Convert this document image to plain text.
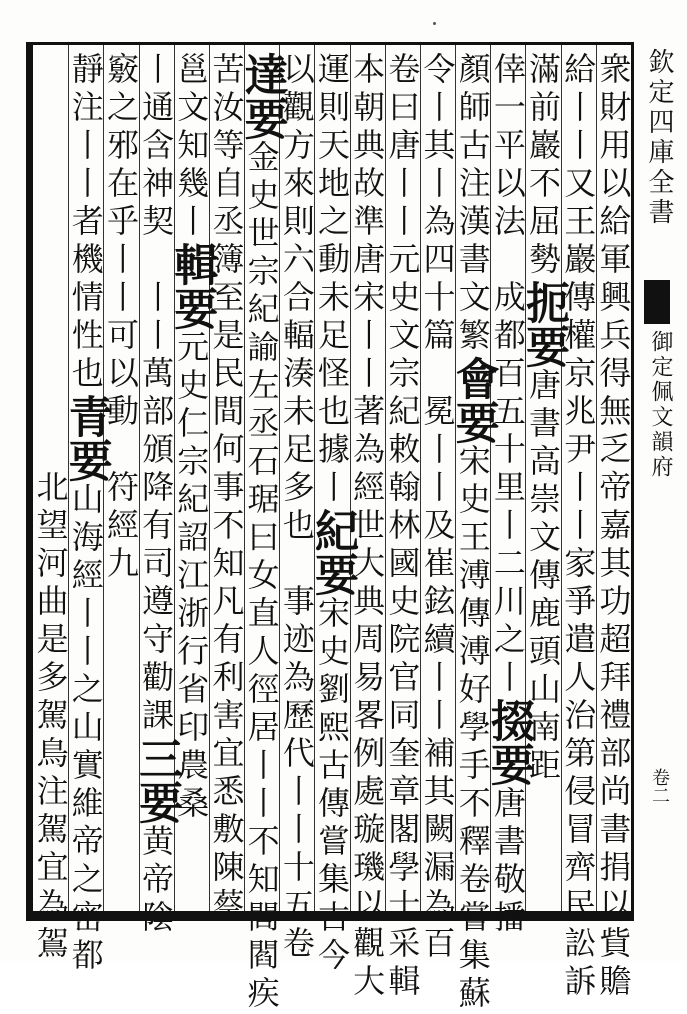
衆財用以給軍興兵得無乏帝嘉其功超拜禮部尚書捐以貲贍
給丨丨又王巖傳權京兆尹丨丨家爭遣人治第侵冒齊民訟訴
滿前巖不屈勢扼要唐書高崇文傳鹿頭山南距
倖一平以法　成都百五十里丨二川之丨掇要唐書敬播
顏師古注漢書文繁會要宋史王溥傳溥好學手不釋卷嘗集蘇
令丨其丨為四十篇　冕丨丨及崔鉉續丨丨補其闕漏為百
卷曰唐丨丨元史文宗紀敕翰林國史院官同奎章閣學士采輯
本朝典故準唐宋丨丨著為經世大典周易畧例處璇璣以觀大
運則天地之動未足怪也據丨紀要宋史劉熙古傳嘗集古今
以觀方來則六合輻湊未足多也　事迹為歷代丨丨十五卷
達要金史世宗紀諭左丞石琚曰女直人徑居丨丨不知閭閻疾
苦汝等自丞簿至是民間何事不知凡有利害宜悉敷陳蔡
邕文知幾丨輯要元史仁宗紀詔江浙行省印農桑
丨通含神契　丨丨萬部頒降有司遵守勸課三要黄帝陰
竅之邪在乎丨丨可以動　符經九
靜注丨丨者機情性也青要山海經丨丨之山實維帝之密都
　　　　　　　　　　　北望河曲是多駕鳥注駕宜為鴐
欽定四庫全書
御定佩文韻府
卷二
